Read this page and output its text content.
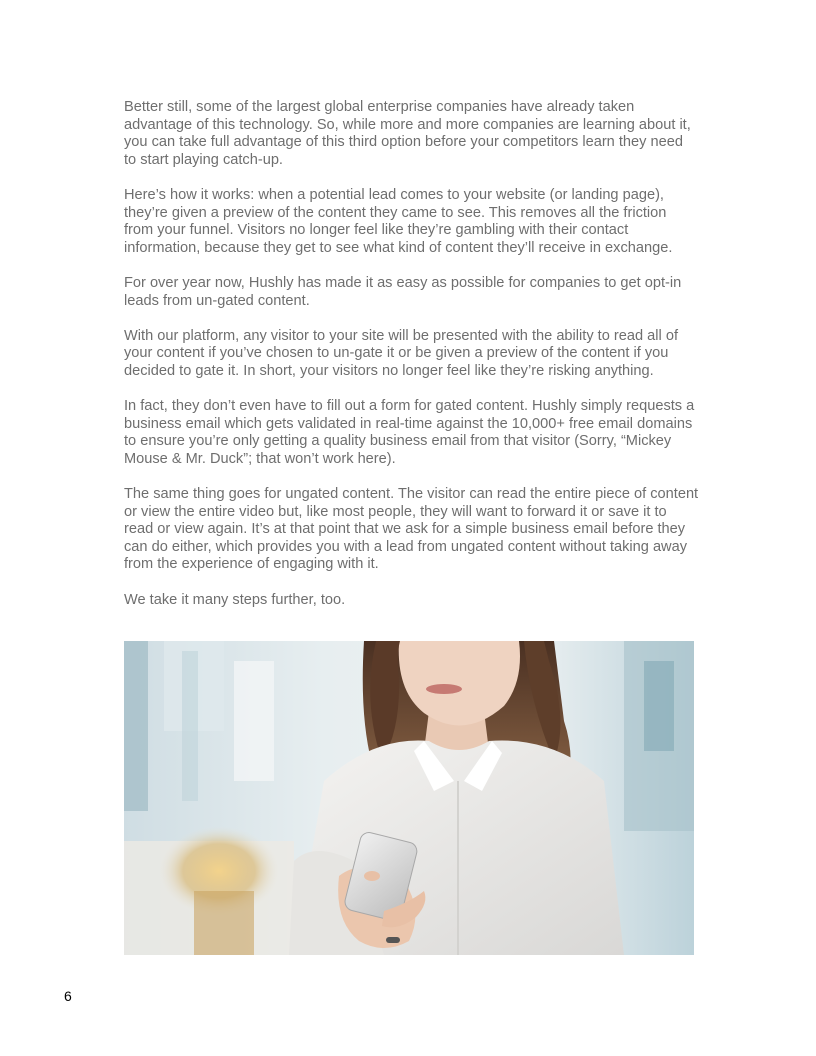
Better still, some of the largest global enterprise companies have already taken advantage of this technology. So, while more and more companies are learning about it, you can take full advantage of this third option before your competitors learn they need to start playing catch-up.

Here’s how it works: when a potential lead comes to your website (or landing page), they’re given a preview of the content they came to see. This removes all the friction from your funnel. Visitors no longer feel like they’re gambling with their contact information, because they get to see what kind of content they’ll receive in exchange.

For over year now, Hushly has made it as easy as possible for companies to get opt-in leads from un-gated content.

With our platform, any visitor to your site will be presented with the ability to read all of your content if you’ve chosen to un-gate it or be given a preview of the content if you decided to gate it. In short, your visitors no longer feel like they’re risking anything.

In fact, they don’t even have to fill out a form for gated content. Hushly simply requests a business email which gets validated in real-time against the 10,000+ free email domains to ensure you’re only getting a quality business email from that visitor (Sorry, “Mickey Mouse & Mr. Duck”; that won’t work here).

The same thing goes for ungated content. The visitor can read the entire piece of content or view the entire video but, like most people, they will want to forward it or save it to read or view again. It’s at that point that we ask for a simple business email before they can do either, which provides you with a lead from ungated content without taking away from the experience of engaging with it.

We take it many steps further, too.

6
